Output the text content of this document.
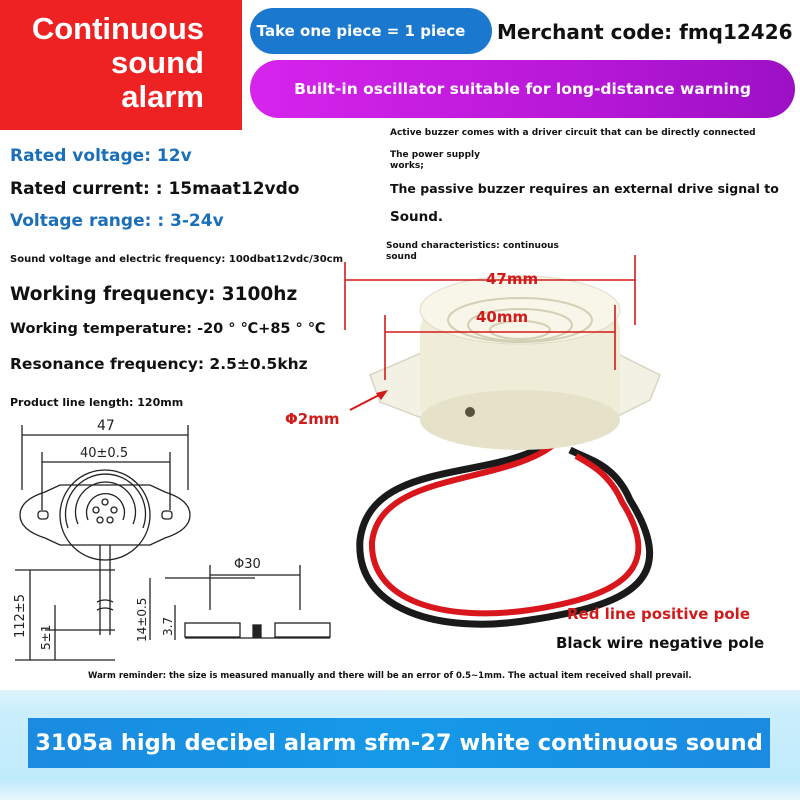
Continuous
sound
alarm
Take one piece = 1 piece	Merchant code: fmq12426
Built-in oscillator suitable for long-distance warning
Rated voltage: 12v
Rated current: : 15maat12vdo
Voltage range: : 3-24v
Sound voltage and electric frequency: 100dbat12vdc/30cm
Working frequency: 3100hz
Working temperature: -20 ° ℃+85 ° ℃
Resonance frequency: 2.5±0.5khz
Product line length: 120mm
Active buzzer comes with a driver circuit that can be directly connected
The power supply
works;
The passive buzzer requires an external drive signal to
Sound.
Sound characteristics: continuous
sound
47mm
40mm
Φ2mm
Red line positive pole
Black wire negative pole
47
40±0.5
Φ30
112±5 5±1	14±0.5 3.7
Warm reminder: the size is measured manually and there will be an error of 0.5~1mm. The actual item received shall prevail.
3105a high decibel alarm sfm-27 white continuous sound
